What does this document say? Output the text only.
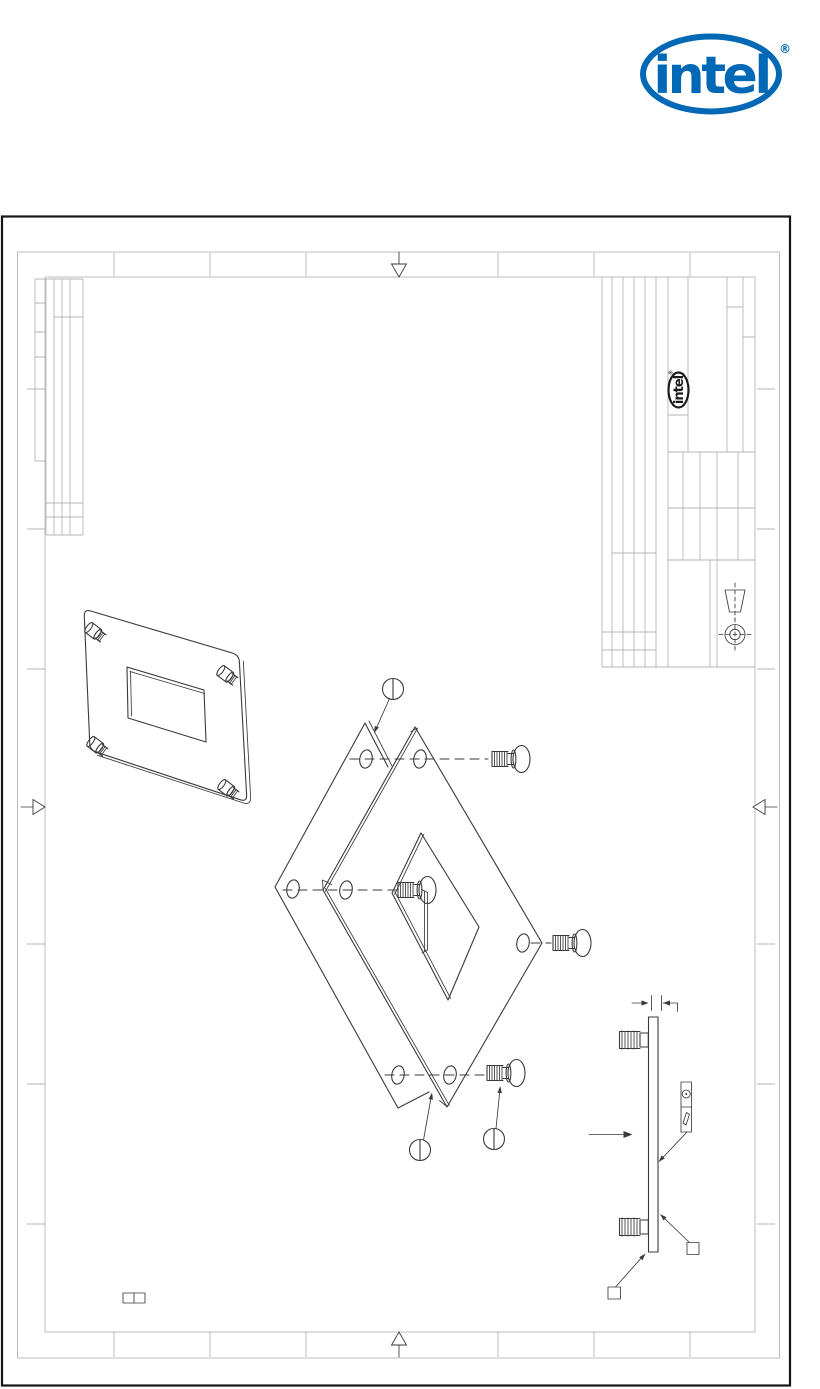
intel ®
intel
®
